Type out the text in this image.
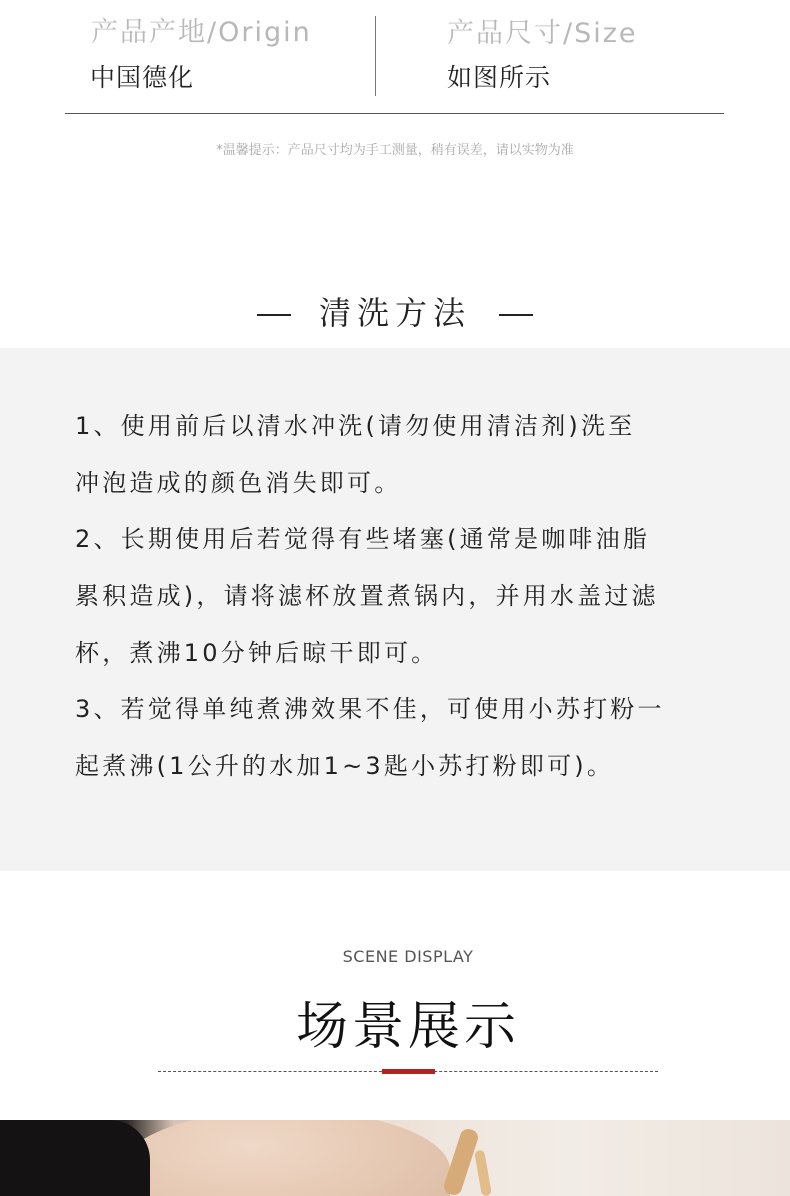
产品产地/Origin
中国德化
产品尺寸/Size
如图所示
*温馨提示：产品尺寸均为手工测量，稍有误差，请以实物为准
清洗方法
1、使用前后以清水冲洗(请勿使用清洁剂)洗至
冲泡造成的颜色消失即可。
2、长期使用后若觉得有些堵塞(通常是咖啡油脂
累积造成)，请将滤杯放置煮锅内，并用水盖过滤
杯，煮沸10分钟后晾干即可。
3、若觉得单纯煮沸效果不佳，可使用小苏打粉一
起煮沸(1公升的水加1~3匙小苏打粉即可)。
SCENE DISPLAY
场景展示
